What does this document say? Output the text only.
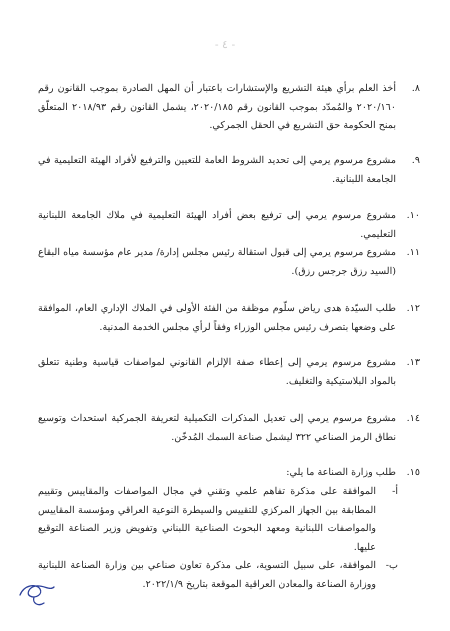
- ٤ -
٨.
أخذ العلم برأي هيئة التشريع والإستشارات باعتبار أن المهل الصادرة بموجب القانون رقم ٢٠٢٠/١٦٠ والمُمدّد بموجب القانون رقم ٢٠٢٠/١٨٥، يشمل القانون رقم ٢٠١٨/٩٣ المتعلّق بمنح الحكومة حق التشريع في الحقل الجمركي.
٩.
مشروع مرسوم يرمي إلى تحديد الشروط العامة للتعيين والترفيع لأفراد الهيئة التعليمية في الجامعة اللبنانية.
١٠.
مشروع مرسوم يرمي إلى ترفيع بعض أفراد الهيئة التعليمية في ملاك الجامعة اللبنانية التعليمي.
١١.
مشروع مرسوم يرمي إلى قبول استقالة رئيس مجلس إدارة/ مدير عام مؤسسة مياه البقاع (السيد رزق جرجس رزق).
١٢.
طلب السيّدة هدى رياض سلّوم موظفة من الفئة الأولى في الملاك الإداري العام، الموافقة على وضعها بتصرف رئيس مجلس الوزراء وفقاً لرأي مجلس الخدمة المدنية.
١٣.
مشروع مرسوم يرمي إلى إعطاء صفة الإلزام القانوني لمواصفات قياسية وطنية تتعلق بالمواد البلاستيكية والتغليف.
١٤.
مشروع مرسوم يرمي إلى تعديل المذكرات التكميلية لتعريفة الجمركية استحداث وتوسيع نطاق الرمز الصناعي ٣٢٢ ليشمل صناعة السمك المُدخّن.
١٥.
طلب وزارة الصناعة ما يلي:
أ-
الموافقة على مذكرة تفاهم علمي وتقني في مجال المواصفات والمقاييس وتقييم المطابقة بين الجهاز المركزي للتقييس والسيطرة النوعية العراقي ومؤسسة المقاييس والمواصفات اللبنانية ومعهد البحوث الصناعية اللبناني وتفويض وزير الصناعة التوقيع عليها.
ب-
الموافقة، على سبيل التسوية، على مذكرة تعاون صناعي بين وزارة الصناعة اللبنانية ووزارة الصناعة والمعادن العراقية الموقعة بتاريخ ٢٠٢٢/١/٩.
